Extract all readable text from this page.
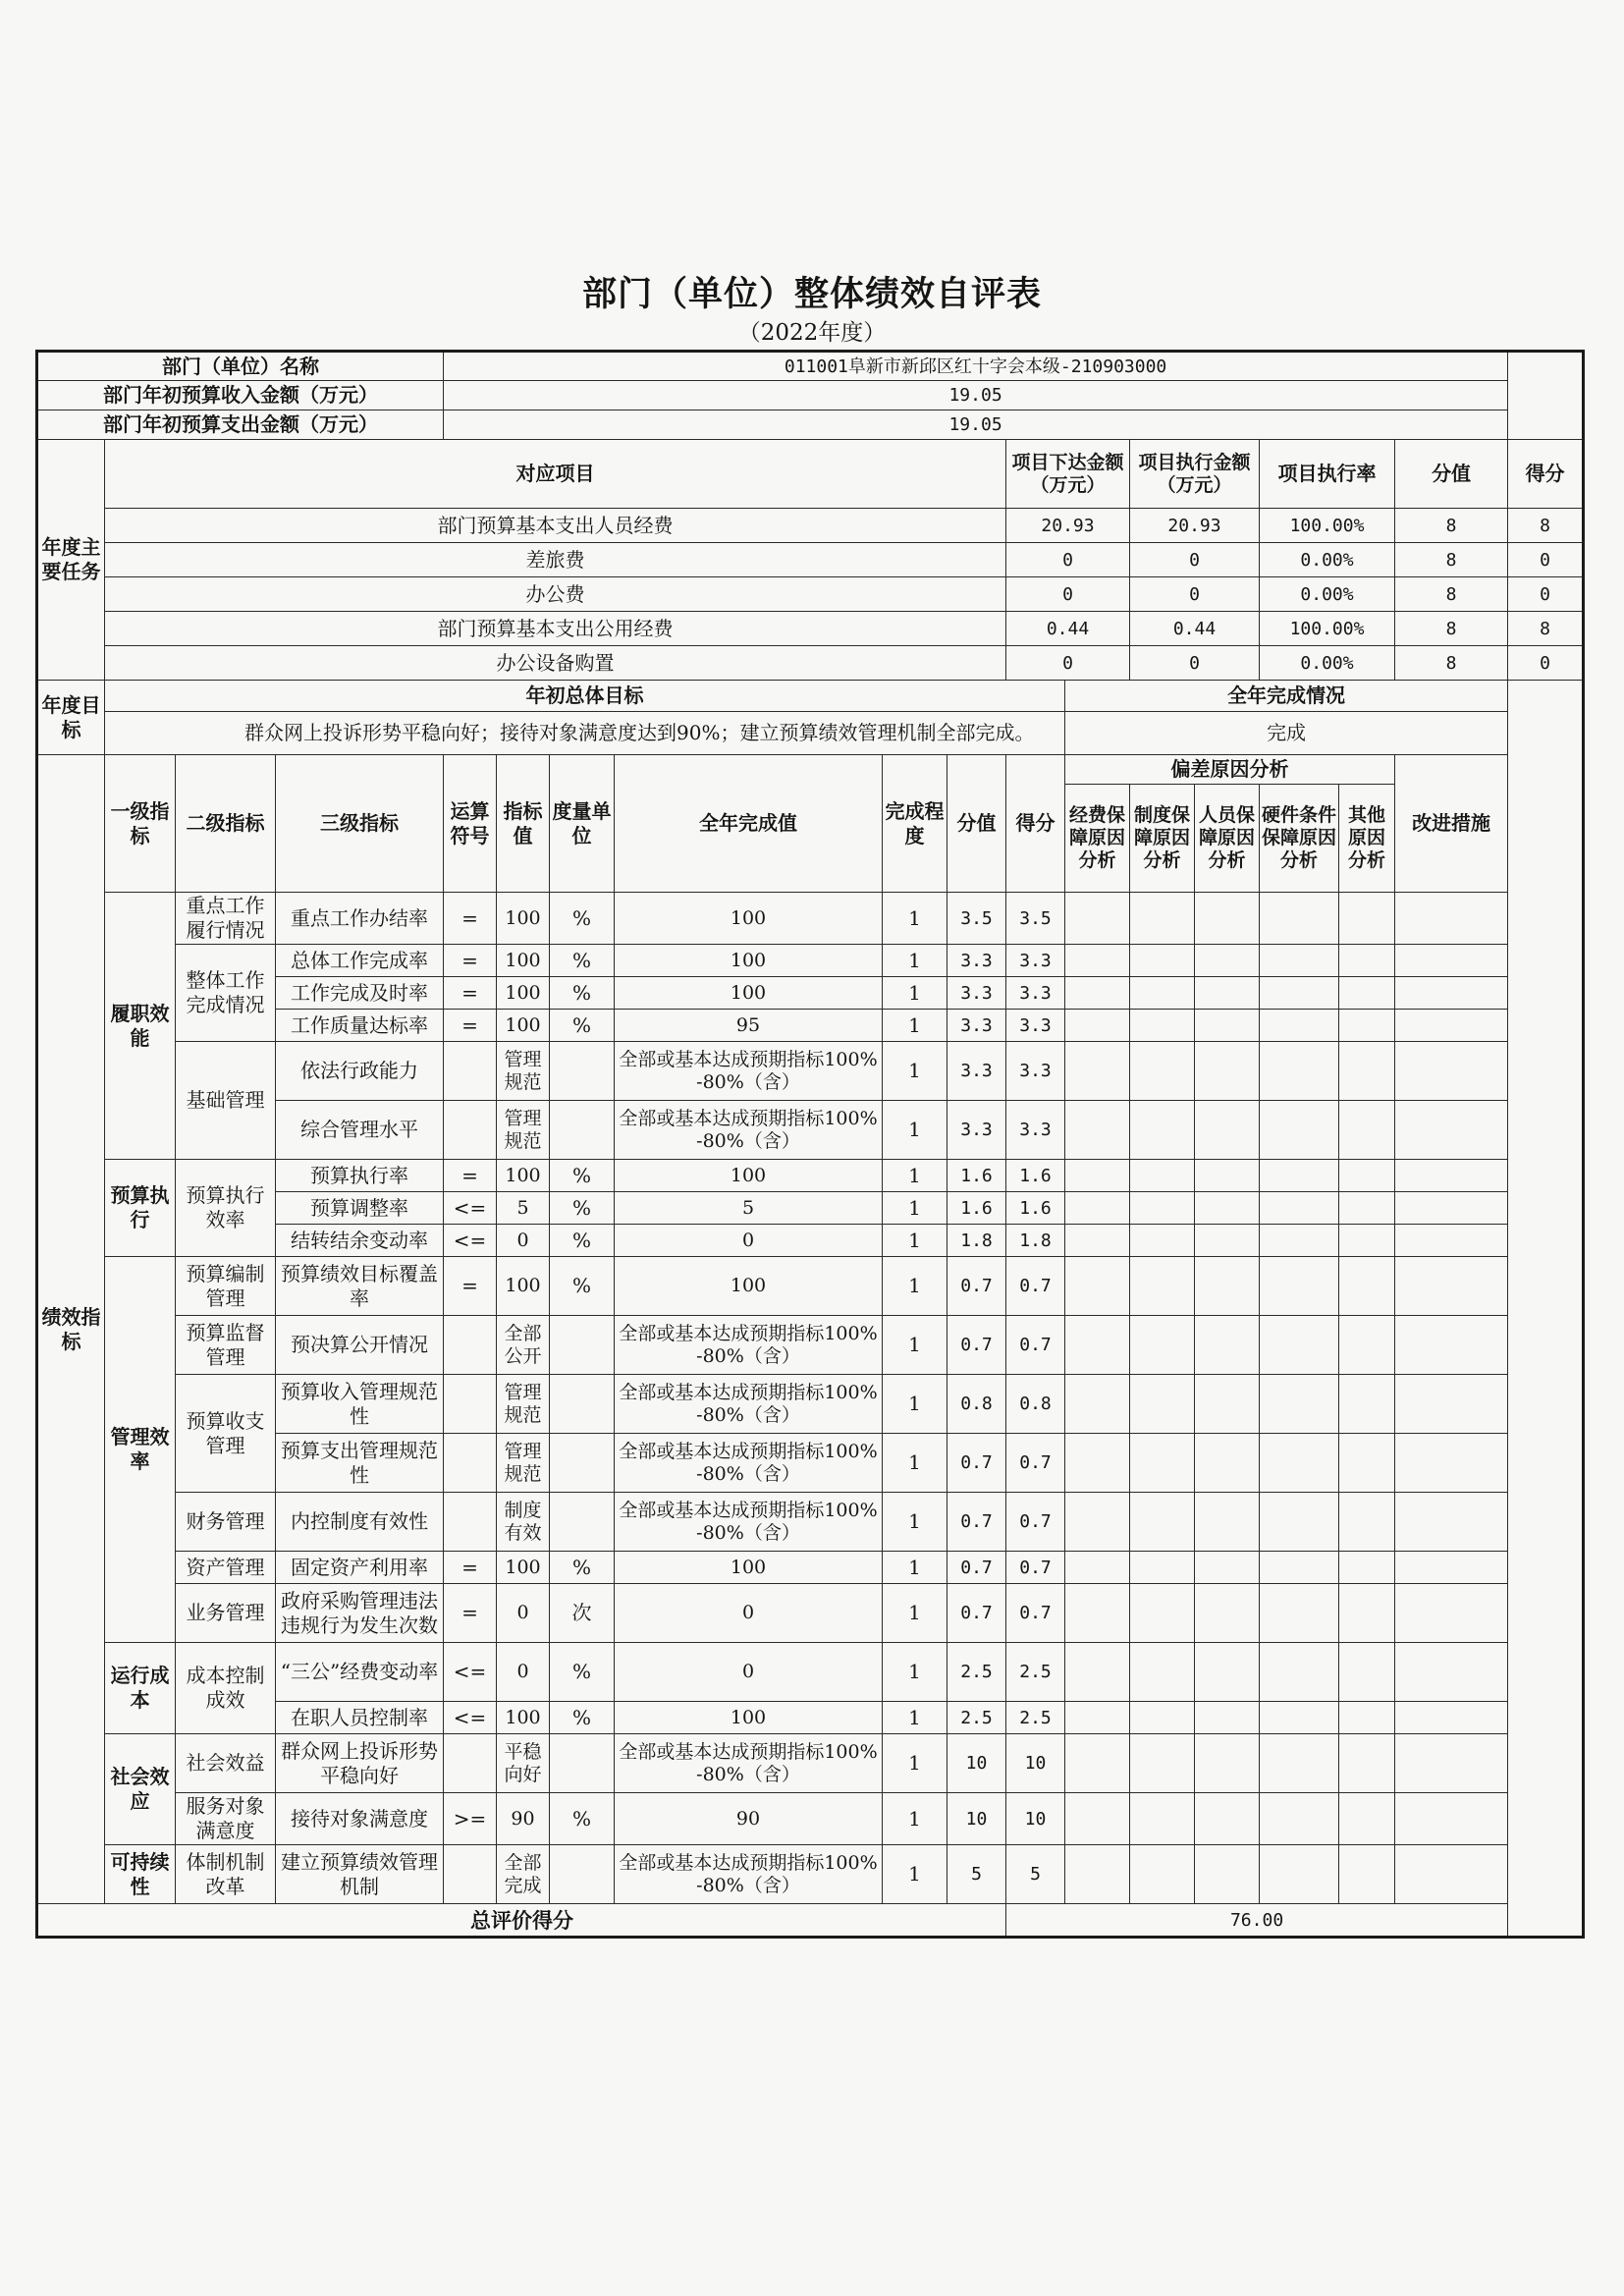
部门（单位）整体绩效自评表
（2022年度）
部门（单位）名称				011001阜新市新邱区红十字会本级-210903000													
部门年初预算收入金额（万元）				19.05													
部门年初预算支出金额（万元）				19.05													
年度主要任务	对应项目									项目下达金额（万元）		项目执行金额（万元）		项目执行率		分值	得分
	部门预算基本支出人员经费									20.93		20.93		100.00%		8	8
	差旅费									0		0		0.00%		8	0
	办公费									0		0		0.00%		8	0
	部门预算基本支出公用经费									0.44		0.44		100.00%		8	8
	办公设备购置									0		0		0.00%		8	0
年度目标	年初总体目标										全年完成情况						
	群众网上投诉形势平稳向好；接待对象满意度达到90%；建立预算绩效管理机制全部完成。										完成						
绩效指标	一级指标	二级指标	三级指标	运算符号	指标值	度量单位	全年完成值	完成程度	分值	得分	偏差原因分析					改进措施	
											经费保障原因分析	制度保障原因分析	人员保障原因分析	硬件条件保障原因分析	其他原因分析		
	履职效能	重点工作履行情况	重点工作办结率	=	100	%	100	1	3.5	3.5							
		整体工作完成情况	总体工作完成率	=	100	%	100	1	3.3	3.3							
			工作完成及时率	=	100	%	100	1	3.3	3.3							
			工作质量达标率	=	100	%	95	1	3.3	3.3							
		基础管理	依法行政能力		管理规范		全部或基本达成预期指标100%-80%（含）	1	3.3	3.3							
			综合管理水平		管理规范		全部或基本达成预期指标100%-80%（含）	1	3.3	3.3							
	预算执行	预算执行效率	预算执行率	=	100	%	100	1	1.6	1.6							
			预算调整率	<=	5	%	5	1	1.6	1.6							
			结转结余变动率	<=	0	%	0	1	1.8	1.8							
	管理效率	预算编制管理	预算绩效目标覆盖率	=	100	%	100	1	0.7	0.7							
		预算监督管理	预决算公开情况		全部公开		全部或基本达成预期指标100%-80%（含）	1	0.7	0.7							
		预算收支管理	预算收入管理规范性		管理规范		全部或基本达成预期指标100%-80%（含）	1	0.8	0.8							
			预算支出管理规范性		管理规范		全部或基本达成预期指标100%-80%（含）	1	0.7	0.7							
		财务管理	内控制度有效性		制度有效		全部或基本达成预期指标100%-80%（含）	1	0.7	0.7							
		资产管理	固定资产利用率	=	100	%	100	1	0.7	0.7							
		业务管理	政府采购管理违法违规行为发生次数	=	0	次	0	1	0.7	0.7							
	运行成本	成本控制成效	“三公”经费变动率	<=	0	%	0	1	2.5	2.5							
			在职人员控制率	<=	100	%	100	1	2.5	2.5							
	社会效应	社会效益	群众网上投诉形势平稳向好		平稳向好		全部或基本达成预期指标100%-80%（含）	1	10	10							
		服务对象满意度	接待对象满意度	>=	90	%	90	1	10	10							
	可持续性	体制机制改革	建立预算绩效管理机制		全部完成		全部或基本达成预期指标100%-80%（含）	1	5	5							
总评价得分										76.00							
